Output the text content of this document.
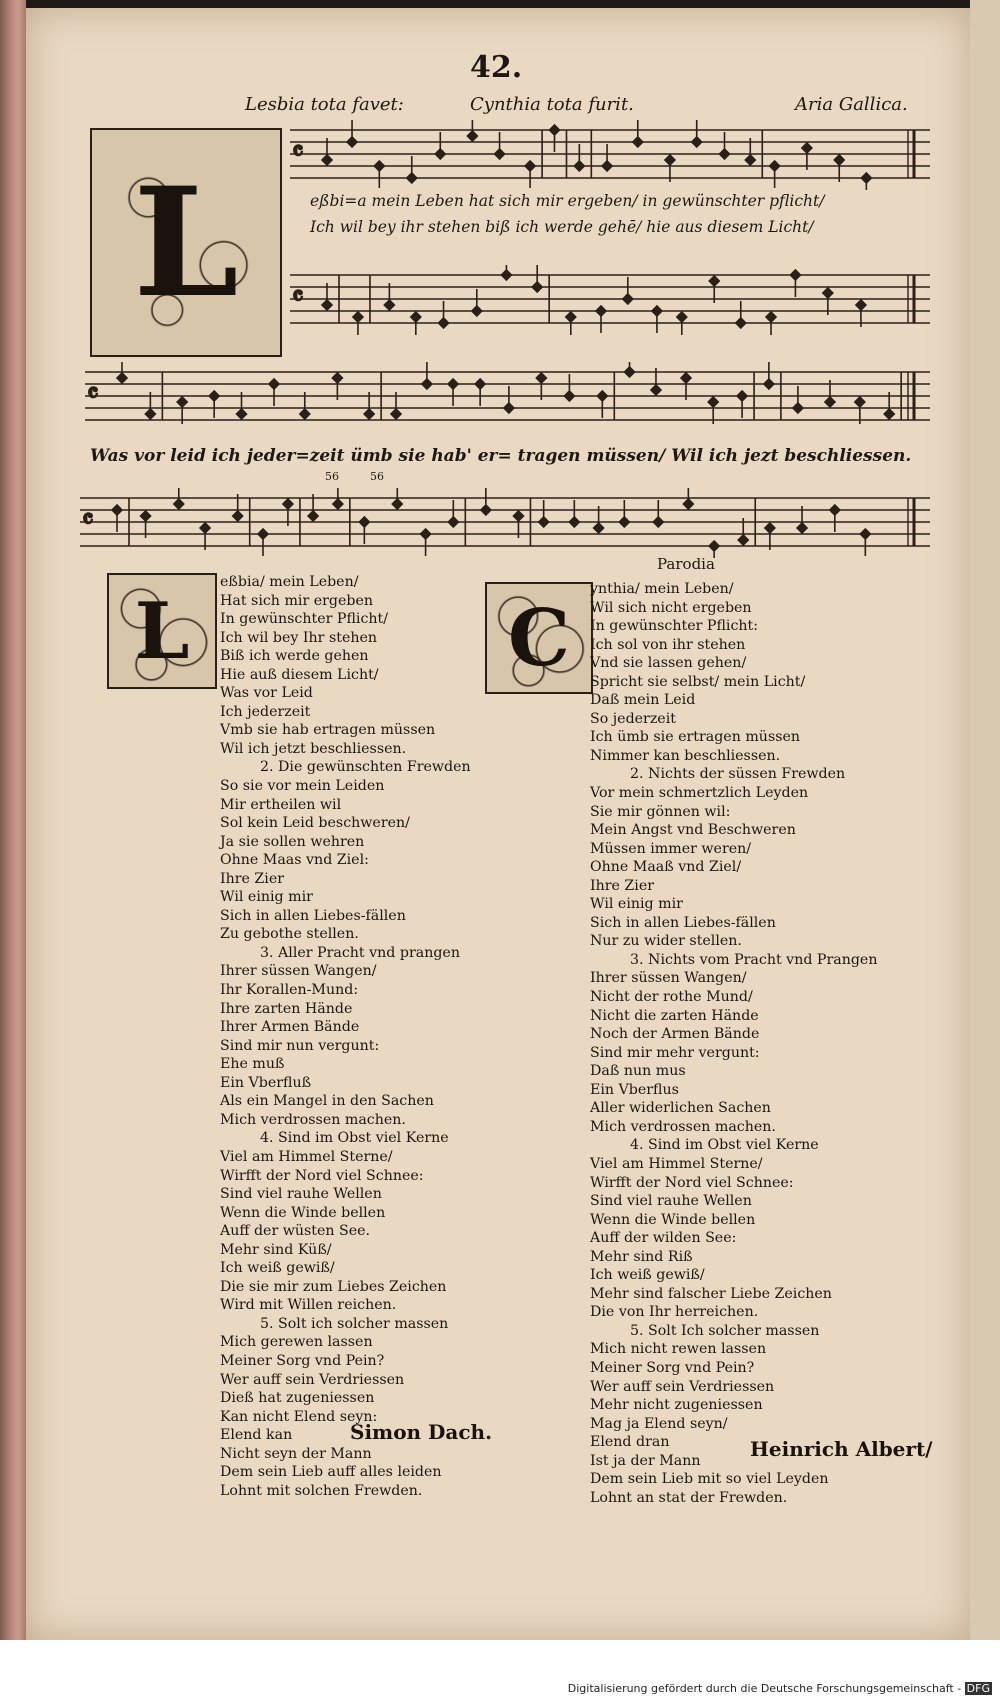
42.
Lesbia tota favet:	Cynthia tota furit.	Aria Gallica.
L
𝄴
𝄴
𝄴
𝄴
eßbi=a mein Leben hat sich mir ergeben/ in gewünschter pflicht/
Ich wil bey ihr stehen biß ich werde gehē/ hie aus diesem Licht/
Was vor leid ich jeder=zeit ümb sie hab' er= tragen müssen/ Wil ich jezt beschliessen.
56	56
L
eßbia/ mein Leben/
Hat sich mir ergeben
In gewünschter Pflicht/
Ich wil bey Ihr stehen
Biß ich werde gehen
Hie auß diesem Licht/
Was vor Leid
Ich jederzeit
Vmb sie hab ertragen müssen
Wil ich jetzt beschliessen.
2. Die gewünschten Frewden
So sie vor mein Leiden
Mir ertheilen wil
Sol kein Leid beschweren/
Ja sie sollen wehren
Ohne Maas vnd Ziel:
Ihre Zier
Wil einig mir
Sich in allen Liebes-fällen
Zu gebothe stellen.
3. Aller Pracht vnd prangen
Ihrer süssen Wangen/
Ihr Korallen-Mund:
Ihre zarten Hände
Ihrer Armen Bände
Sind mir nun vergunt:
Ehe muß
Ein Vberfluß
Als ein Mangel in den Sachen
Mich verdrossen machen.
4. Sind im Obst viel Kerne
Viel am Himmel Sterne/
Wirfft der Nord viel Schnee:
Sind viel rauhe Wellen
Wenn die Winde bellen
Auff der wüsten See.
Mehr sind Küß/
Ich weiß gewiß/
Die sie mir zum Liebes Zeichen
Wird mit Willen reichen.
5. Solt ich solcher massen
Mich gerewen lassen
Meiner Sorg vnd Pein?
Wer auff sein Verdriessen
Dieß hat zugeniessen
Kan nicht Elend seyn:
Elend kan
Nicht seyn der Mann
Dem sein Lieb auff alles leiden
Lohnt mit solchen Frewden.
Parodia
C
ynthia/ mein Leben/
Wil sich nicht ergeben
In gewünschter Pflicht:
Ich sol von ihr stehen
Vnd sie lassen gehen/
Spricht sie selbst/ mein Licht/
Daß mein Leid
So jederzeit
Ich ümb sie ertragen müssen
Nimmer kan beschliessen.
2. Nichts der süssen Frewden
Vor mein schmertzlich Leyden
Sie mir gönnen wil:
Mein Angst vnd Beschweren
Müssen immer weren/
Ohne Maaß vnd Ziel/
Ihre Zier
Wil einig mir
Sich in allen Liebes-fällen
Nur zu wider stellen.
3. Nichts vom Pracht vnd Prangen
Ihrer süssen Wangen/
Nicht der rothe Mund/
Nicht die zarten Hände
Noch der Armen Bände
Sind mir mehr vergunt:
Daß nun mus
Ein Vberflus
Aller widerlichen Sachen
Mich verdrossen machen.
4. Sind im Obst viel Kerne
Viel am Himmel Sterne/
Wirfft der Nord viel Schnee:
Sind viel rauhe Wellen
Wenn die Winde bellen
Auff der wilden See:
Mehr sind Riß
Ich weiß gewiß/
Mehr sind falscher Liebe Zeichen
Die von Ihr herreichen.
5. Solt Ich solcher massen
Mich nicht rewen lassen
Meiner Sorg vnd Pein?
Wer auff sein Verdriessen
Mehr nicht zugeniessen
Mag ja Elend seyn/
Elend dran
Ist ja der Mann
Dem sein Lieb mit so viel Leyden
Lohnt an stat der Frewden.
Simon Dach.
Heinrich Albert/
Digitalisierung gefördert durch die Deutsche Forschungsgemeinschaft - DFG
